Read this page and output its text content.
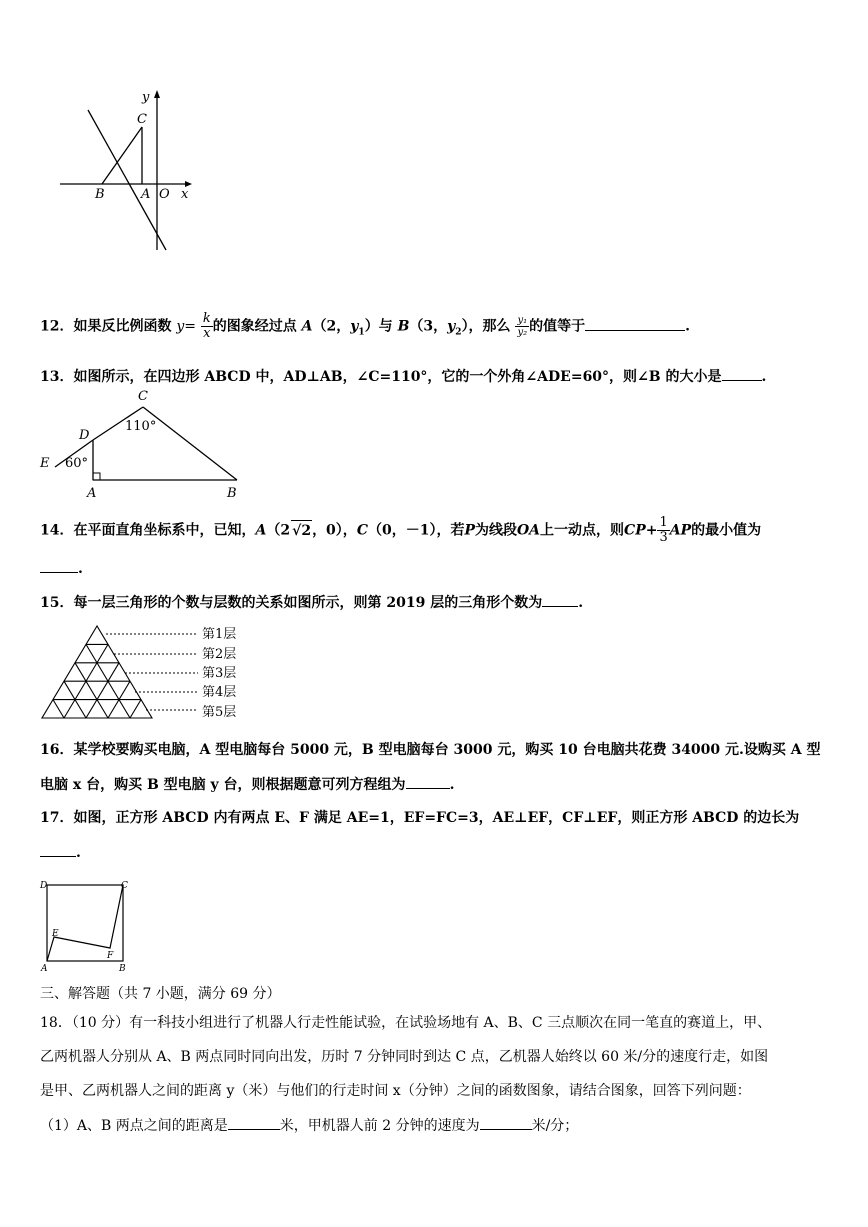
y
C
B	A O x
12．如果反比例函数 $y= \frac{k}{x}$ 的图象经过点 A（2，$y_1$）与 B（3，$y_2$），那么 $\frac{\text{y₁}}{\text{y₂}}$ 的值等于	.
13．如图所示，在四边形 ABCD 中，AD⊥AB，∠C=110°，它的一个外角∠ADE=60°，则∠B 的大小是	.
C
110°
D
E 60°
A	B
14．在平面直角坐标系中，已知，A（2 √2，0），C（0，－1），若P为线段OA上一动点，则$CP+ \frac{1}{3}$ AP的最小值为
.
15．每一层三角形的个数与层数的关系如图所示，则第 2019 层的三角形个数为	.
第1层
第2层
第3层
第4层
第5层
16．某学校要购买电脑，A 型电脑每台 5000 元，B 型电脑每台 3000 元，购买 10 台电脑共花费 34000 元.设购买 A 型
电脑 x 台，购买 B 型电脑 y 台，则根据题意可列方程组为	.
17．如图，正方形 ABCD 内有两点 E、F 满足 AE=1，EF=FC=3，AE⊥EF，CF⊥EF，则正方形 ABCD 的边长为
.
D	C
E
F
A	B
三、解答题（共 7 小题，满分 69 分）
18．（10 分）有一科技小组进行了机器人行走性能试验，在试验场地有 A、B、C 三点顺次在同一笔直的赛道上，甲、
乙两机器人分别从 A、B 两点同时同向出发，历时 7 分钟同时到达 C 点，乙机器人始终以 60 米/分的速度行走，如图
是甲、乙两机器人之间的距离 y（米）与他们的行走时间 x（分钟）之间的函数图象，请结合图象，回答下列问题：
（1）A、B 两点之间的距离是	米，甲机器人前 2 分钟的速度为	米/分；
